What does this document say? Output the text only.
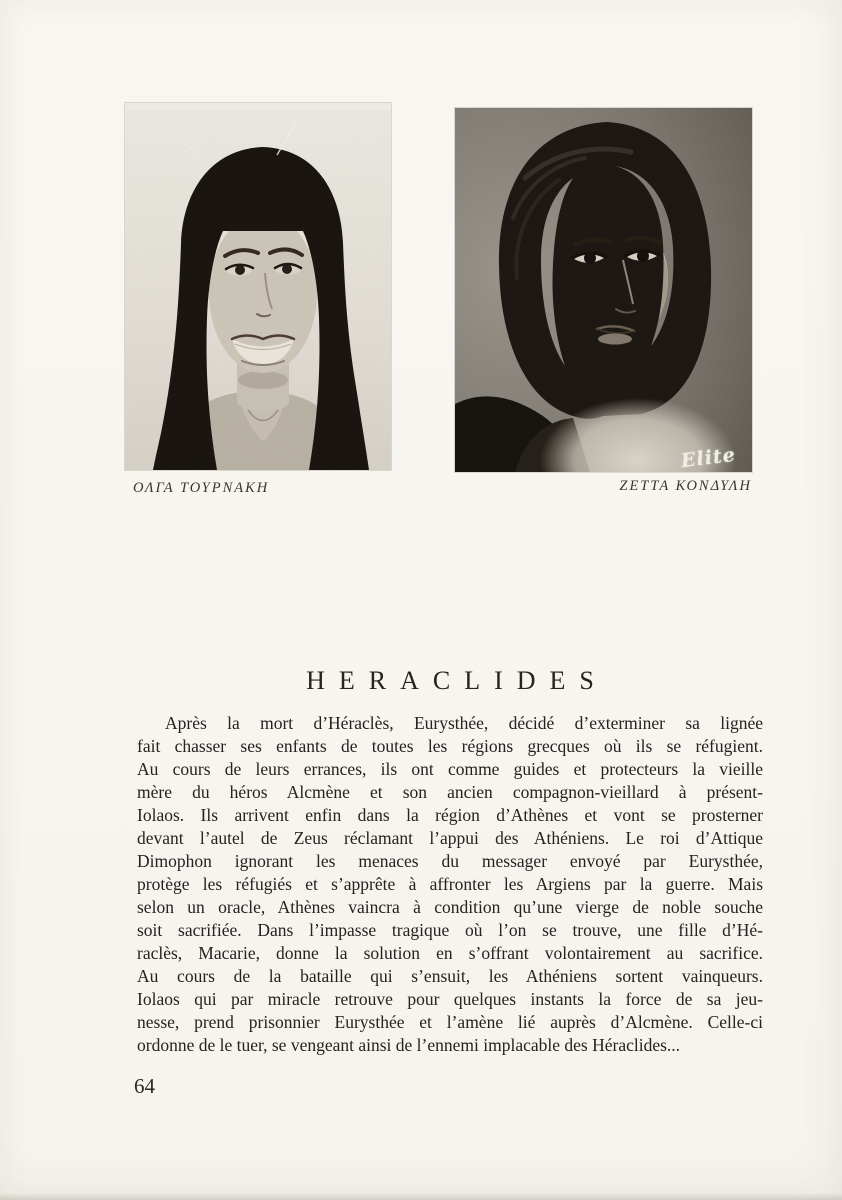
ΟΛΓΑ ΤΟΥΡΝΑΚΗ	ΖΕΤΤΑ ΚΟΝΔΥΛΗ
HERACLIDES
Après la mort d’Héraclès, Eurysthée, décidé d’exterminer sa lignée
fait chasser ses enfants de toutes les régions grecques où ils se réfugient.
Au cours de leurs errances, ils ont comme guides et protecteurs la vieille
mère du héros Alcmène et son ancien compagnon-vieillard à présent-
Iolaos. Ils arrivent enfin dans la région d’Athènes et vont se prosterner
devant l’autel de Zeus réclamant l’appui des Athéniens. Le roi d’Attique
Dimophon ignorant les menaces du messager envoyé par Eurysthée,
protège les réfugiés et s’apprête à affronter les Argiens par la guerre. Mais
selon un oracle, Athènes vaincra à condition qu’une vierge de noble souche
soit sacrifiée. Dans l’impasse tragique où l’on se trouve, une fille d’Hé-
raclès, Macarie, donne la solution en s’offrant volontairement au sacrifice.
Au cours de la bataille qui s’ensuit, les Athéniens sortent vainqueurs.
Iolaos qui par miracle retrouve pour quelques instants la force de sa jeu-
nesse, prend prisonnier Eurysthée et l’amène lié auprès d’Alcmène. Celle-ci
ordonne de le tuer, se vengeant ainsi de l’ennemi implacable des Héraclides...
64
